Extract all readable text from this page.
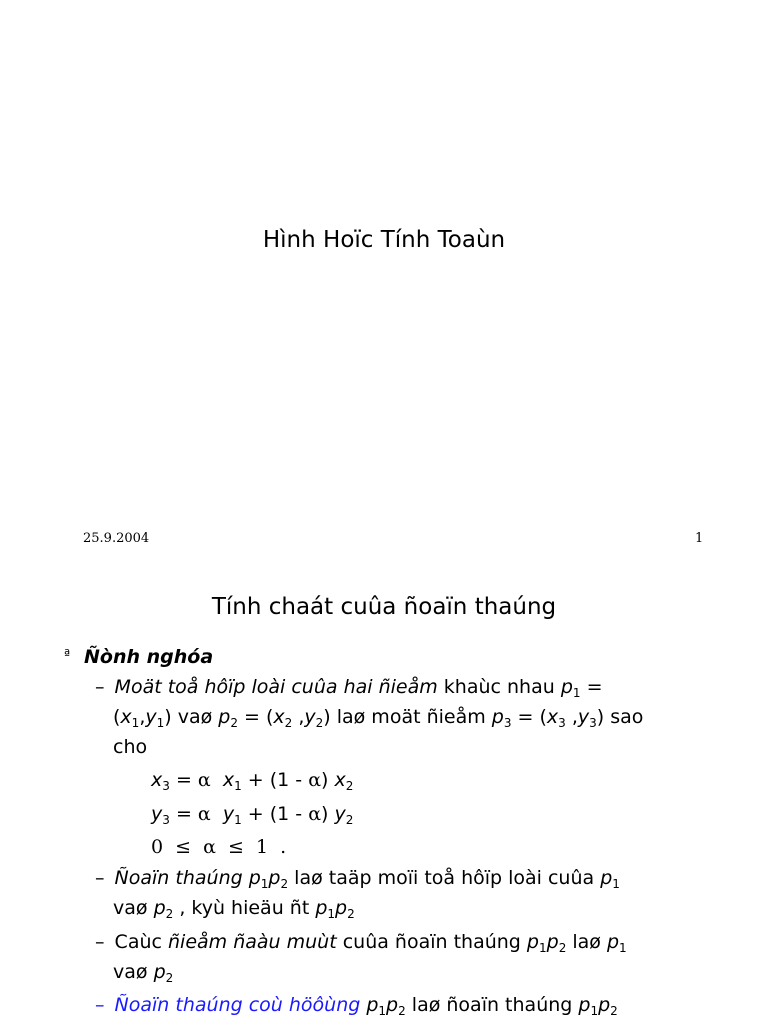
Hình Hoïc Tính Toaùn
25.9.2004	1
Tính chaát cuûa ñoaïn thaúng
ª Ñònh nghóa
– Moät toå hôïp loài cuûa hai ñieåm khaùc nhau $p_1$ =
$(x_1,y_1)$ vaø $p_2 = (x_2$ $,y_2$) laø moät ñieåm $p_3 = (x_3$ $,y_3$) sao
cho
$x_3 = \alpha$ $x_1 + (1 - \alpha)$ $x_2$
$y_3 = \alpha$ $y_1 + (1 - \alpha)$ $y_2$
0 ≤ α ≤ 1 .
– Ñoaïn thaúng $p_1p_2$ laø taäp moïi toå hôïp loài cuûa $p_1$
vaø $p_2$ , kyù hieäu ñt $p_1p_2$
– Caùc ñieåm ñaàu muùt cuûa ñoaïn thaúng $p_1p_2$ laø $p_1$
vaø $p_2$
– Ñoaïn thaúng coù höôùng $p_1p_2$ laø ñoaïn thaúng $p_1p_2$
